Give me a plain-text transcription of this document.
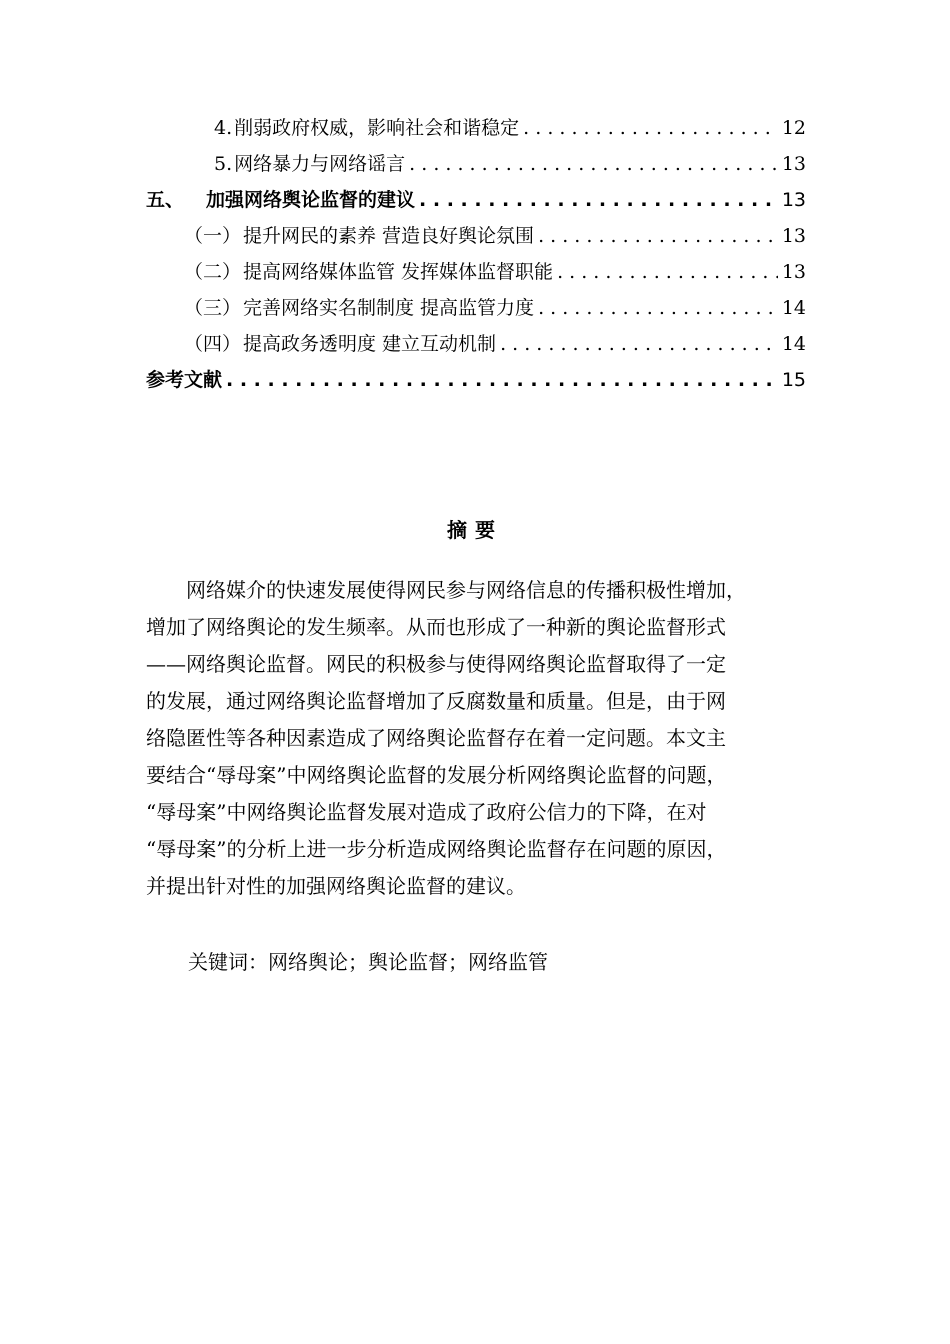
4. 削弱政府权威，影响社会和谐稳定 . . .	12
5. 网络暴力与网络谣言 . . .	13
五、 加强网络舆论监督的建议 . . .	13
（一） 提升网民的素养 营造良好舆论氛围 . . .	13
（二） 提高网络媒体监管 发挥媒体监督职能 . . .	13
（三） 完善网络实名制制度 提高监管力度 . . .	14
（四） 提高政务透明度 建立互动机制 . . .	14
参考文献 . . .	15
摘要
　　网络媒介的快速发展使得网民参与网络信息的传播积极性增加，
增加了网络舆论的发生频率。从而也形成了一种新的舆论监督形式
——网络舆论监督。网民的积极参与使得网络舆论监督取得了一定
的发展，通过网络舆论监督增加了反腐数量和质量。但是，由于网
络隐匿性等各种因素造成了网络舆论监督存在着一定问题。本文主
要结合“辱母案”中网络舆论监督的发展分析网络舆论监督的问题，
“辱母案”中网络舆论监督发展对造成了政府公信力的下降，在对
“辱母案”的分析上进一步分析造成网络舆论监督存在问题的原因，
并提出针对性的加强网络舆论监督的建议。
关键词：网络舆论；舆论监督；网络监管
